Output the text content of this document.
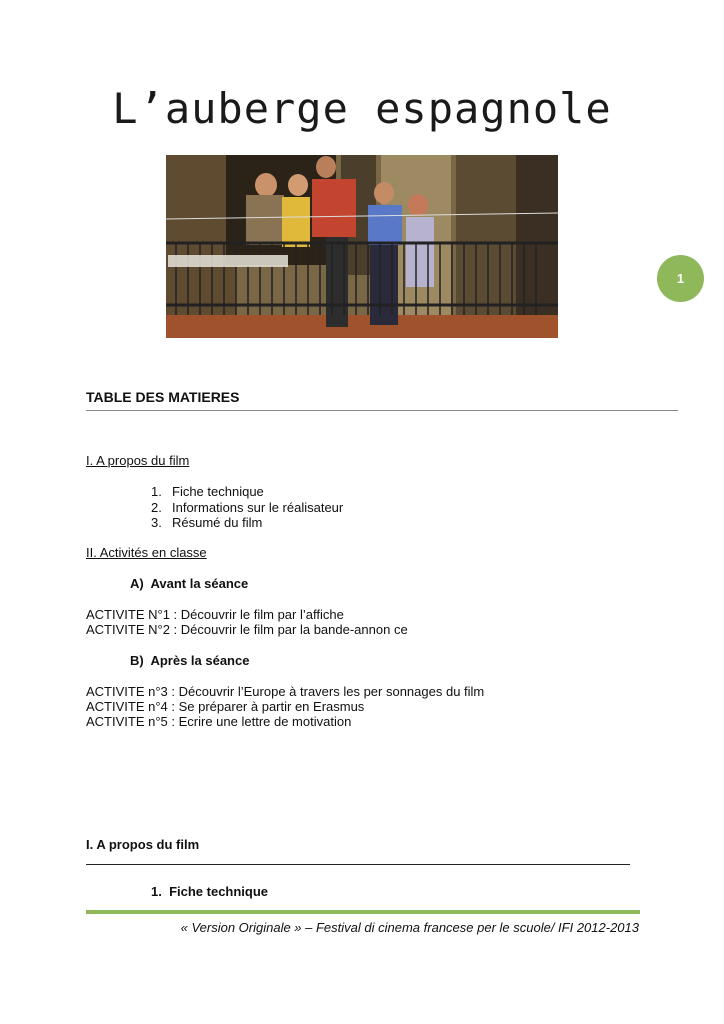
L’auberge espagnole
1
TABLE DES MATIERES
I. A propos du film
1. Fiche technique
2. Informations sur le réalisateur
3. Résumé du film
II. Activités en classe
A)  Avant la séance
ACTIVITE N°1 : Découvrir le film par l’affiche
ACTIVITE N°2 : Découvrir le film par la bande-annon ce
B)  Après la séance
ACTIVITE n°3 : Découvrir l’Europe à travers les per sonnages du film
ACTIVITE n°4 : Se préparer à partir en Erasmus
ACTIVITE n°5 : Ecrire une lettre de motivation
I. A propos du film
1.  Fiche technique
« Version Originale » – Festival di cinema francese per le scuole/ IFI 2012-2013
